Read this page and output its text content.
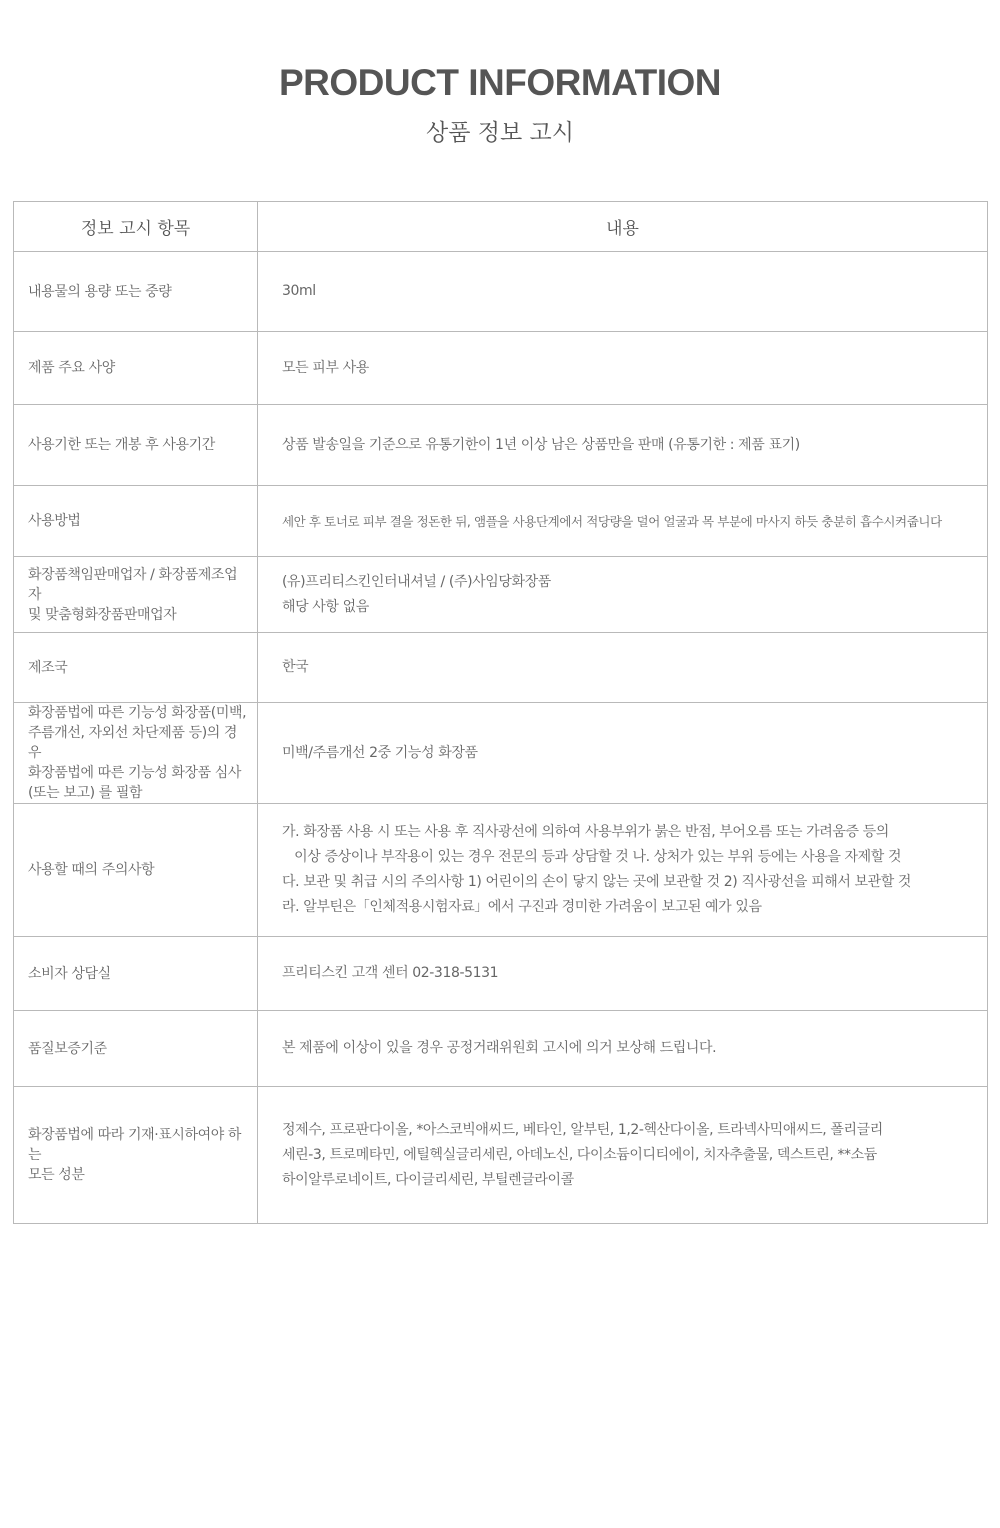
PRODUCT INFORMATION
상품 정보 고시
정보 고시 항목	내용

내용물의 용량 또는 중량	30ml

제품 주요 사양	모든 피부 사용

사용기한 또는 개봉 후 사용기간	상품 발송일을 기준으로 유통기한이 1년 이상 남은 상품만을 판매 (유통기한 : 제품 표기)

사용방법	세안 후 토너로 피부 결을 정돈한 뒤, 앰플을 사용단계에서 적당량을 덜어 얼굴과 목 부분에 마사지 하듯 충분히 흡수시켜줍니다

화장품책임판매업자 / 화장품제조업자
및 맞춤형화장품판매업자	(유)프리티스킨인터내셔널 / (주)사임당화장품
해당 사항 없음

제조국	한국

화장품법에 따른 기능성 화장품(미백,
주름개선, 자외선 차단제품 등)의 경우
화장품법에 따른 기능성 화장품 심사
(또는 보고) 를 필함	미백/주름개선 2중 기능성 화장품

사용할 때의 주의사항	가. 화장품 사용 시 또는 사용 후 직사광선에 의하여 사용부위가 붉은 반점, 부어오름 또는 가려움증 등의
이상 증상이나 부작용이 있는 경우 전문의 등과 상담할 것 나. 상처가 있는 부위 등에는 사용을 자제할 것
다. 보관 및 취급 시의 주의사항 1) 어린이의 손이 닿지 않는 곳에 보관할 것 2) 직사광선을 피해서 보관할 것
라. 알부틴은「인체적용시험자료」에서 구진과 경미한 가려움이 보고된 예가 있음

소비자 상담실	프리티스킨 고객 센터 02-318-5131

품질보증기준	본 제품에 이상이 있을 경우 공정거래위원회 고시에 의거 보상해 드립니다.

화장품법에 따라 기재·표시하여야 하는
모든 성분	정제수, 프로판다이올, *아스코빅애씨드, 베타인, 알부틴, 1,2-헥산다이올, 트라넥사믹애씨드, 폴리글리
세린-3, 트로메타민, 에틸헥실글리세린, 아데노신, 다이소듐이디티에이, 치자추출물, 덱스트린, **소듐
하이알루로네이트, 다이글리세린, 부틸렌글라이콜
